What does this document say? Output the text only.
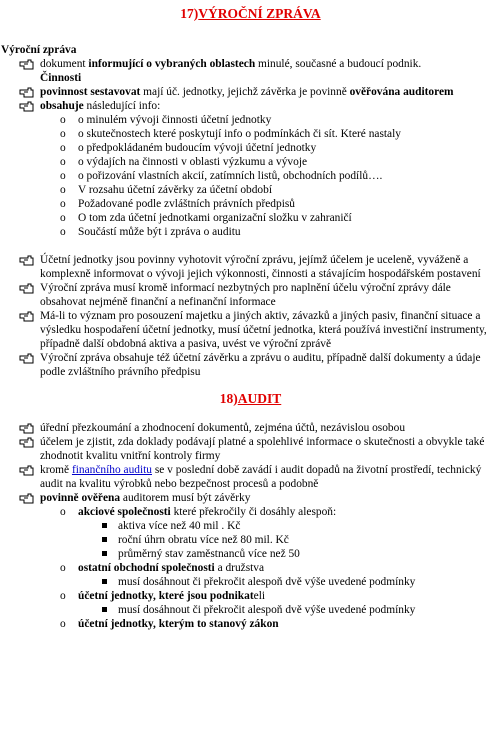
17)VÝROČNÍ ZPRÁVA
Výroční zpráva
dokument informující o vybraných oblastech minulé, současné a budoucí podnik.
Činnosti
povinnost sestavovat mají úč. jednotky, jejichž závěrka je povinně ověřována auditorem
obsahuje následující info:
o o minulém vývoji činnosti účetní jednotky
o o skutečnostech které poskytují info o podmínkách či sít. Které nastaly
o o předpokládaném budoucím vývoji účetní jednotky
o o výdajích na činnosti v oblasti výzkumu a vývoje
o o pořizování vlastních akcií, zatímních listů, obchodních podílů….
o V rozsahu účetní závěrky za účetní období
o Požadované podle zvláštních právních předpisů
o O tom zda účetní jednotkami organizační složku v zahraničí
o Součástí může být i zpráva o auditu
Účetní jednotky jsou povinny vyhotovit výroční zprávu, jejímž účelem je uceleně, vyváženě a komplexně informovat o vývoji jejich výkonnosti, činnosti a stávajícím hospodářském postavení
Výroční zpráva musí kromě informací nezbytných pro naplnění účelu výroční zprávy dále obsahovat nejméně finanční a nefinanční informace
Má-li to význam pro posouzení majetku a jiných aktiv, závazků a jiných pasiv, finanční situace a výsledku hospodaření účetní jednotky, musí účetní jednotka, která používá investiční instrumenty, případně další obdobná aktiva a pasiva, uvést ve výroční zprávě
Výroční zpráva obsahuje též účetní závěrku a zprávu o auditu, případně další dokumenty a údaje podle zvláštního právního předpisu
18)AUDIT
úřední přezkoumání a zhodnocení dokumentů, zejména účtů, nezávislou osobou
účelem je zjistit, zda doklady podávají platné a spolehlivé informace o skutečnosti a obvykle také zhodnotit kvalitu vnitřní kontroly firmy
kromě finančního auditu se v poslední době zavádí i audit dopadů na životní prostředí, technický audit na kvalitu výrobků nebo bezpečnost procesů a podobně
povinně ověřena auditorem musí být závěrky
o akciové společnosti které překročily či dosáhly alespoň:
aktiva více než 40 mil . Kč
roční úhrn obratu více než 80 mil. Kč
průměrný stav zaměstnanců více než 50
o ostatní obchodní společnosti a družstva
musí dosáhnout či překročit alespoň dvě výše uvedené podmínky
o účetní jednotky, které jsou podnikateli
musí dosáhnout či překročit alespoň dvě výše uvedené podmínky
o účetní jednotky, kterým to stanový zákon
